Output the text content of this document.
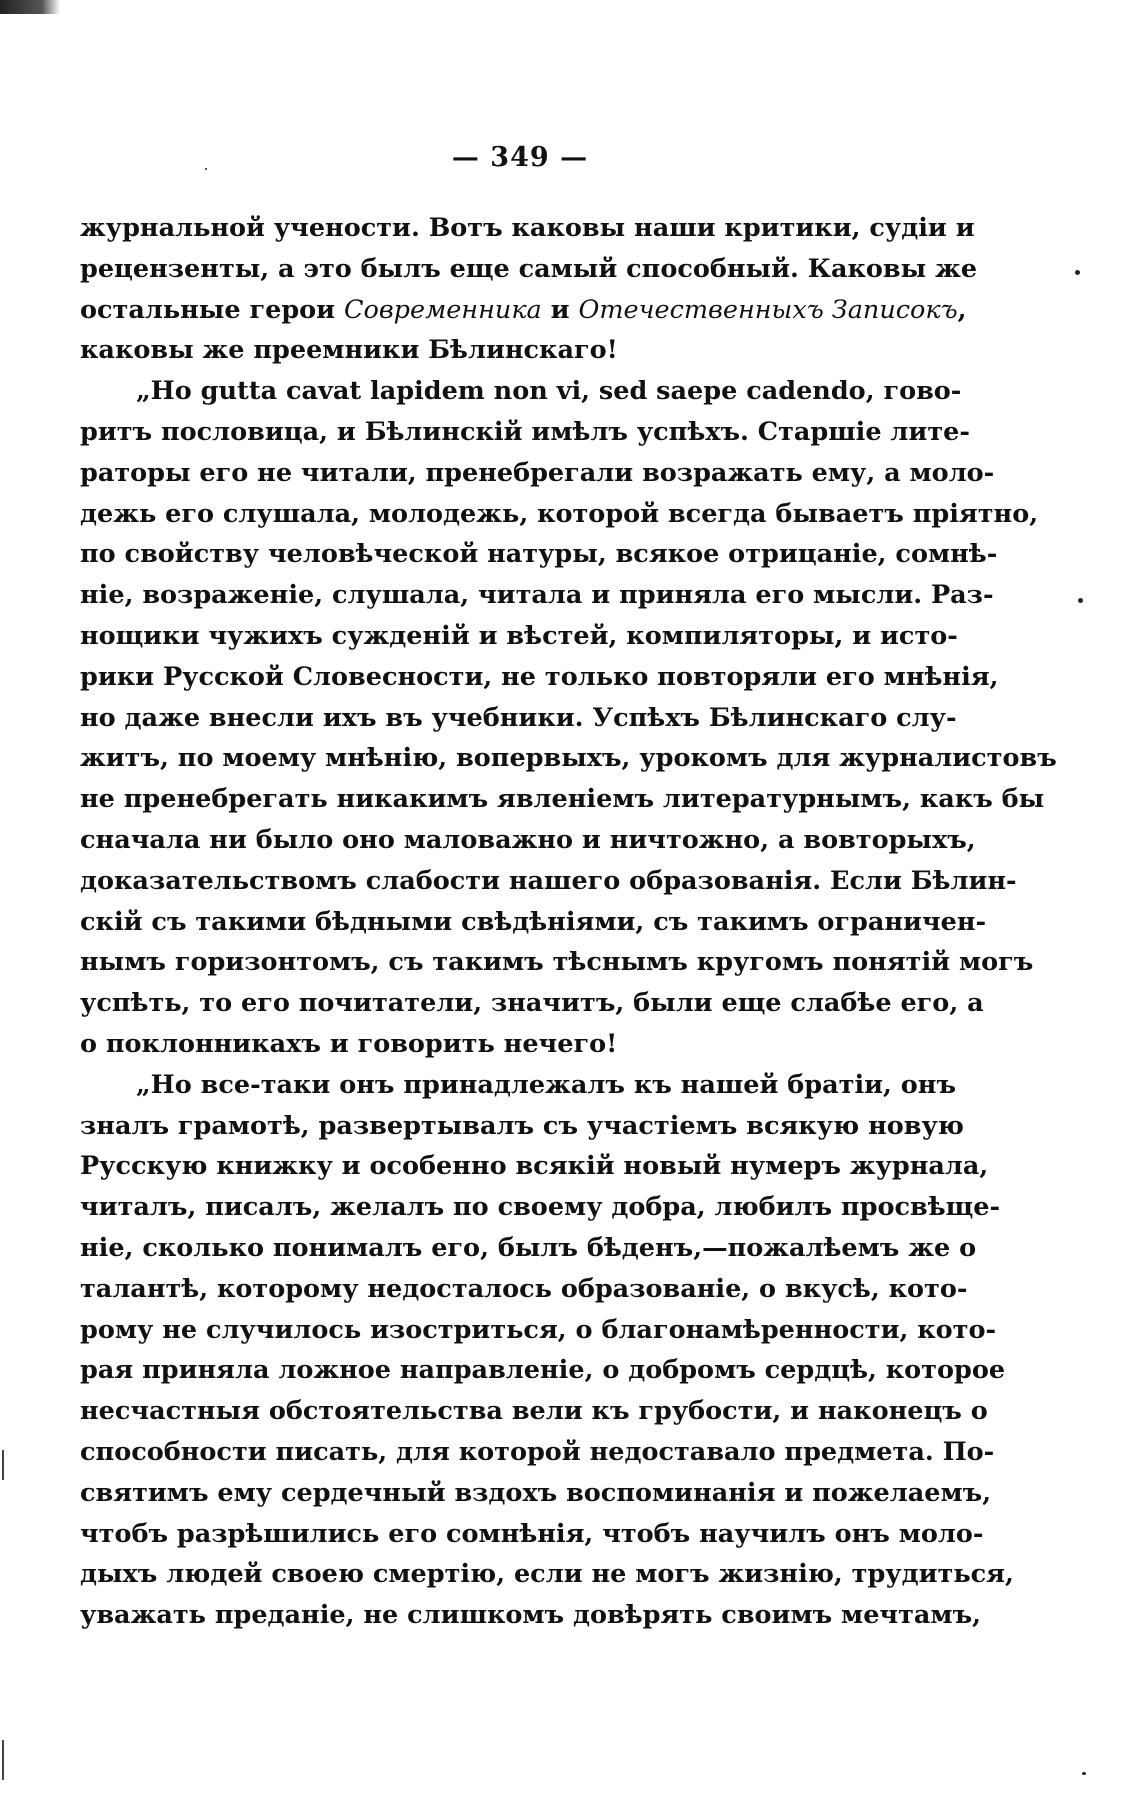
— 349 —
журнальной учености. Вотъ каковы наши критики, судіи и
рецензенты, а это былъ еще самый способный. Каковы же
остальные герои Современника и Отечественныхъ Записокъ,
каковы же преемники Бѣлинскаго!
„Но gutta cavat lapidem non vi, sed saepe cadendo, гово-
ритъ пословица, и Бѣлинскій имѣлъ успѣхъ. Старшіе лите-
раторы его не читали, пренебрегали возражать ему, а моло-
дежь его слушала, молодежь, которой всегда бываетъ пріятно,
по свойству человѣческой натуры, всякое отрицаніе, сомнѣ-
ніе, возраженіе, слушала, читала и приняла его мысли. Раз-
нощики чужихъ сужденій и вѣстей, компиляторы, и исто-
рики Русской Словесности, не только повторяли его мнѣнія,
но даже внесли ихъ въ учебники. Успѣхъ Бѣлинскаго слу-
житъ, по моему мнѣнію, вопервыхъ, урокомъ для журналистовъ
не пренебрегать никакимъ явленіемъ литературнымъ, какъ бы
сначала ни было оно маловажно и ничтожно, а вовторыхъ,
доказательствомъ слабости нашего образованія. Если Бѣлин-
скій съ такими бѣдными свѣдѣніями, съ такимъ ограничен-
нымъ горизонтомъ, съ такимъ тѣснымъ кругомъ понятій могъ
успѣть, то его почитатели, значитъ, были еще слабѣе его, а
о поклонникахъ и говорить нечего!
„Но все-таки онъ принадлежалъ къ нашей братіи, онъ
зналъ грамотѣ, развертывалъ съ участіемъ всякую новую
Русскую книжку и особенно всякій новый нумеръ журнала,
читалъ, писалъ, желалъ по своему добра, любилъ просвѣще-
ніе, сколько понималъ его, былъ бѣденъ,—пожалѣемъ же о
талантѣ, которому недосталось образованіе, о вкусѣ, кото-
рому не случилось изостриться, о благонамѣренности, кото-
рая приняла ложное направленіе, о добромъ сердцѣ, которое
несчастныя обстоятельства вели къ грубости, и наконецъ о
способности писать, для которой недоставало предмета. По-
святимъ ему сердечный вздохъ воспоминанія и пожелаемъ,
чтобъ разрѣшились его сомнѣнія, чтобъ научилъ онъ моло-
дыхъ людей своею смертію, если не могъ жизнію, трудиться,
уважать преданіе, не слишкомъ довѣрять своимъ мечтамъ,
